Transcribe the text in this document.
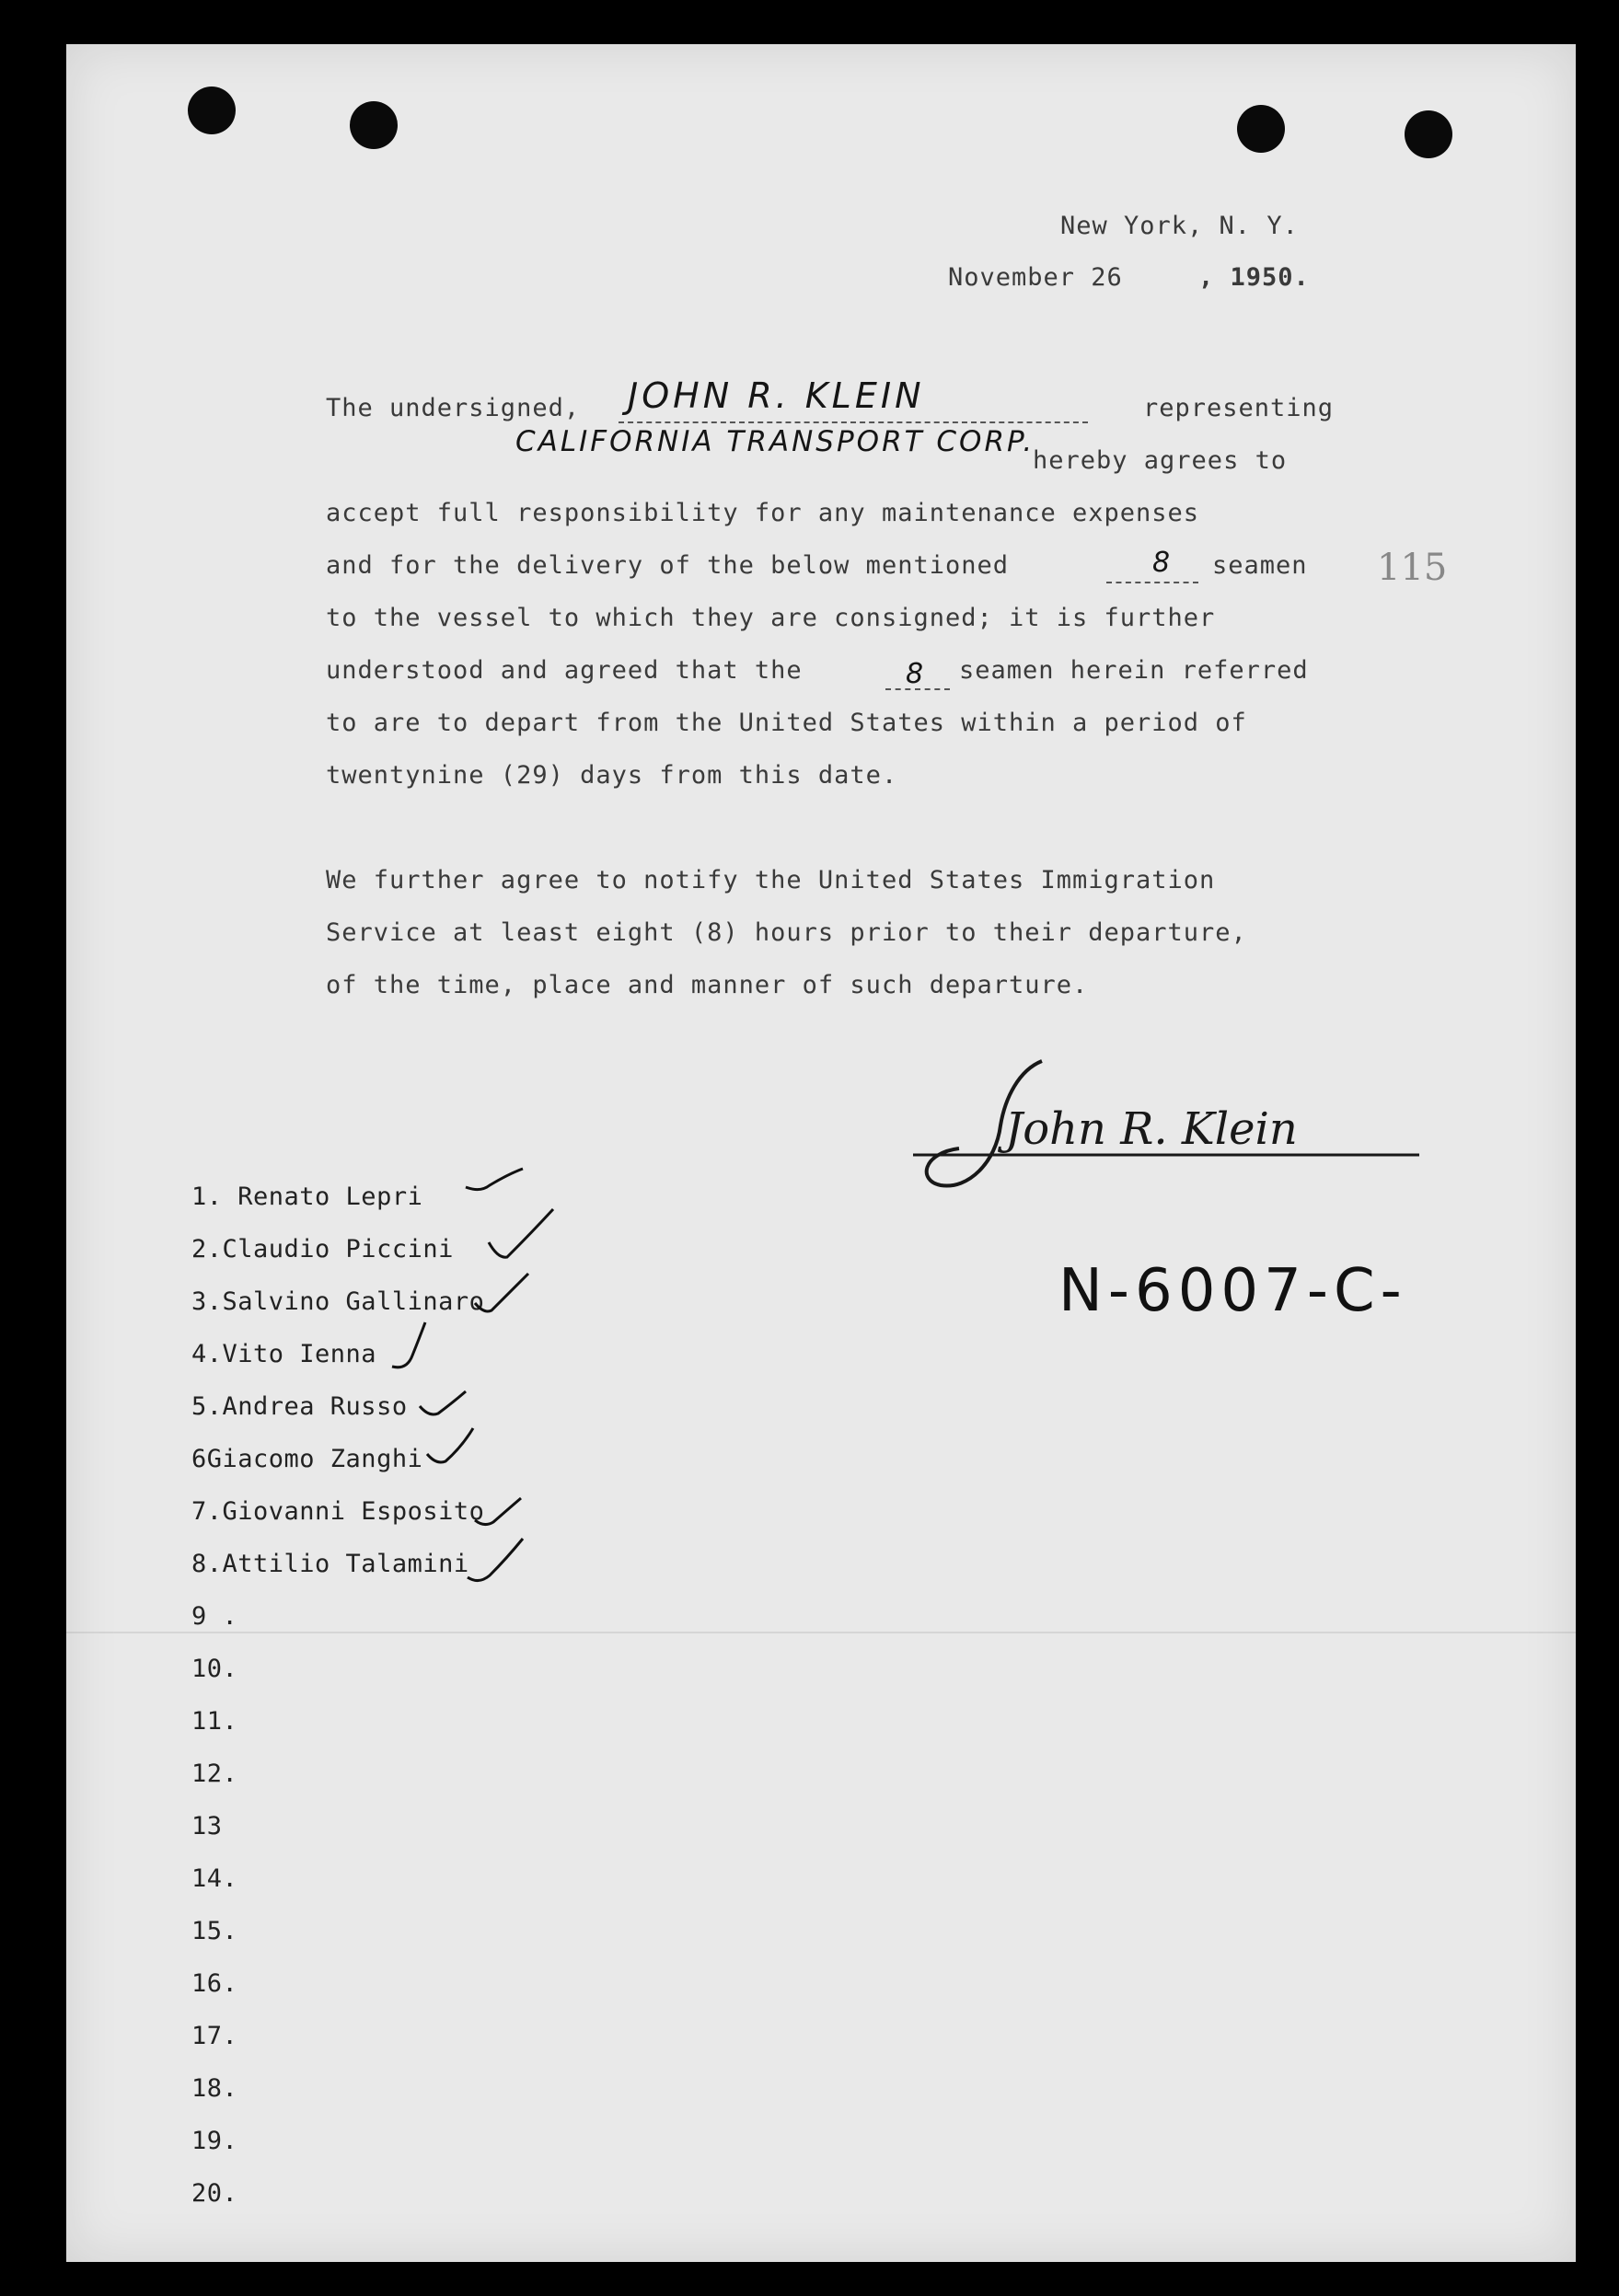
New York, N. Y.
November 26	, 1950.
The undersigned, JOHN R. KLEIN	representing
CALIFORNIA TRANSPORT CORP.
hereby agrees to
accept full responsibility for any maintenance expenses
and for the delivery of the below mentioned	8 seamen 115
to the vessel to which they are consigned; it is further
understood and agreed that the	8 seamen herein referred
to are to depart from the United States within a period of
twentynine (29) days from this date.
We further agree to notify the United States Immigration
Service at least eight (8) hours prior to their departure,
of the time, place and manner of such departure.
John R. Klein
1. Renato Lepri
2.Claudio Piccini
3.Salvino Gallinaro
4.Vito Ienna
5.Andrea Russo
6Giacomo Zanghi
7.Giovanni Esposito
8.Attilio Talamini
9 .
10.
11.
12.
13
14.
15.
16.
17.
18.
19.
20.
N-6007-C-
